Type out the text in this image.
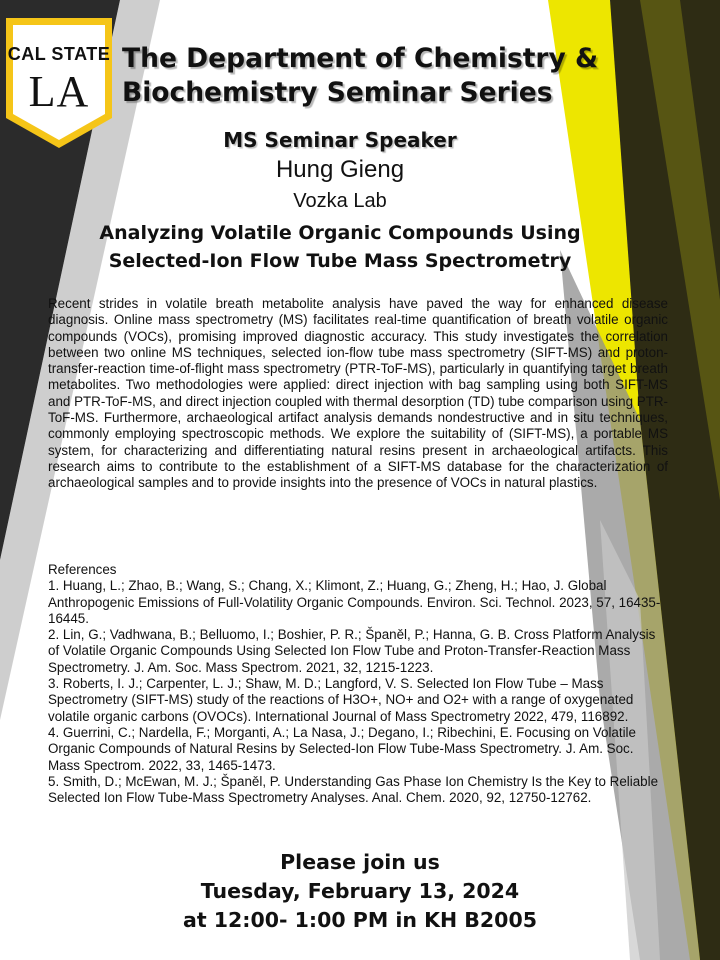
CAL STATE
LA
The Department of Chemistry &
Biochemistry Seminar Series
MS Seminar Speaker
Hung Gieng
Vozka Lab
Analyzing Volatile Organic Compounds Using
Selected-Ion Flow Tube Mass Spectrometry

Recent strides in volatile breath metabolite analysis have paved the way for enhanced disease diagnosis. Online mass spectrometry (MS) facilitates real-time quantification of breath volatile organic compounds (VOCs), promising improved diagnostic accuracy. This study investigates the correlation between two online MS techniques, selected ion-flow tube mass spectrometry (SIFT-MS) and proton-transfer-reaction time-of-flight mass spectrometry (PTR-ToF-MS), particularly in quantifying target breath metabolites. Two methodologies were applied: direct injection with bag sampling using both SIFT-MS and PTR-ToF-MS, and direct injection coupled with thermal desorption (TD) tube comparison using PTR-ToF-MS. Furthermore, archaeological artifact analysis demands nondestructive and in situ techniques, commonly employing spectroscopic methods. We explore the suitability of (SIFT-MS), a portable MS system, for characterizing and differentiating natural resins present in archaeological artifacts. This research aims to contribute to the establishment of a SIFT-MS database for the characterization of archaeological samples and to provide insights into the presence of VOCs in natural plastics.

References

1. Huang, L.; Zhao, B.; Wang, S.; Chang, X.; Klimont, Z.; Huang, G.; Zheng, H.; Hao, J. Global Anthropogenic Emissions of Full-Volatility Organic Compounds. Environ. Sci. Technol. 2023, 57, 16435-16445.

2. Lin, G.; Vadhwana, B.; Belluomo, I.; Boshier, P. R.; Španěl, P.; Hanna, G. B. Cross Platform Analysis of Volatile Organic Compounds Using Selected Ion Flow Tube and Proton-Transfer-Reaction Mass Spectrometry. J. Am. Soc. Mass Spectrom. 2021, 32, 1215-1223.

3. Roberts, I. J.; Carpenter, L. J.; Shaw, M. D.; Langford, V. S. Selected Ion Flow Tube – Mass Spectrometry (SIFT-MS) study of the reactions of H3O+, NO+ and O2+ with a range of oxygenated volatile organic carbons (OVOCs). International Journal of Mass Spectrometry 2022, 479, 116892.

4. Guerrini, C.; Nardella, F.; Morganti, A.; La Nasa, J.; Degano, I.; Ribechini, E. Focusing on Volatile Organic Compounds of Natural Resins by Selected-Ion Flow Tube-Mass Spectrometry. J. Am. Soc. Mass Spectrom. 2022, 33, 1465-1473.

5. Smith, D.; McEwan, M. J.; Španěl, P. Understanding Gas Phase Ion Chemistry Is the Key to Reliable Selected Ion Flow Tube-Mass Spectrometry Analyses. Anal. Chem. 2020, 92, 12750-12762.

Please join us
Tuesday, February 13, 2024
at 12:00- 1:00 PM in KH B2005
